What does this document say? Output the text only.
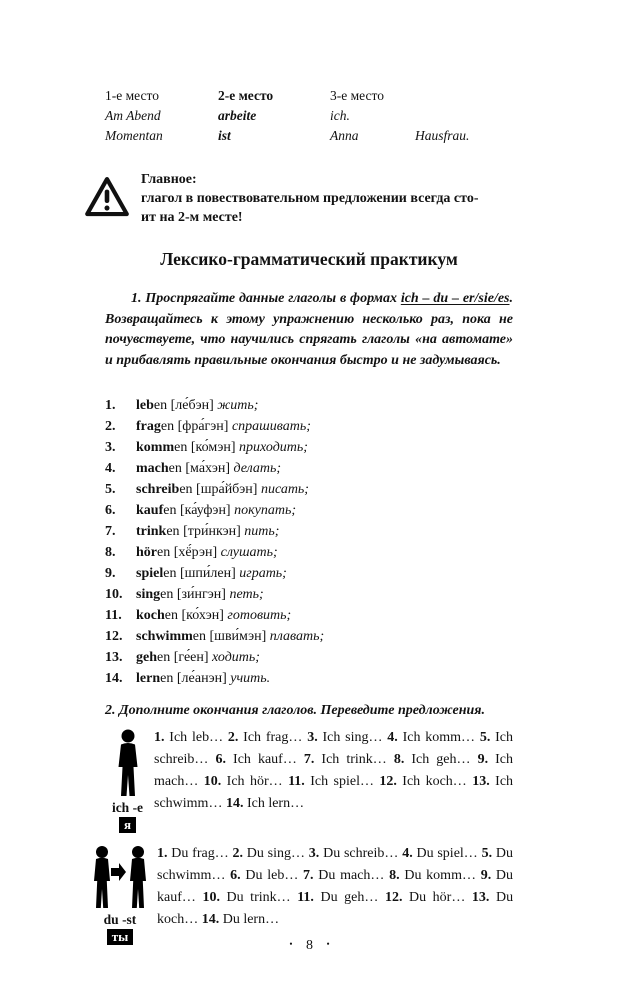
1-е место	2-е место	3-е место
Am Abend	arbeite	ich.
Momentan	ist	Anna	Hausfrau.
Главное:
глагол в повествовательном предложении всегда сто-
ит на 2-м месте!
Лексико-грамматический практикум

1. Проспрягайте данные глаголы в формах ich – du – er/sie/es. Возвращайтесь к этому упражнению несколько раз, пока не почувствуете, что научились спрягать глаголы «на автомате» и прибавлять правильные окончания быстро и не задумываясь.

1.	leben [ле́бэн] жить;
2.	fragen [фра́гэн] спрашивать;
3.	kommen [ко́мэн] приходить;
4.	machen [ма́хэн] делать;
5.	schreiben [шра́йбэн] писать;
6.	kaufen [ка́уфэн] покупать;
7.	trinken [три́нкэн] пить;
8.	hören [хё́рэн] слушать;
9.	spielen [шпи́лен] играть;
10. singen [зи́нгэн] петь;
11.	kochen [ко́хэн] готовить;
12. schwimmen [шви́мэн] плавать;
13. gehen [ге́ен] ходить;
14. lernen [ле́анэн] учить.

2. Дополните окончания глаголов. Переведите предложения.

ich -e
я
1. Ich leb… 2. Ich frag… 3. Ich sing… 4. Ich komm… 5. Ich schreib… 6. Ich kauf… 7. Ich trink… 8. Ich geh… 9. Ich mach… 10. Ich hör… 11. Ich spiel… 12. Ich koch… 13. Ich schwimm… 14. Ich lern…
du -st
ты
1. Du frag… 2. Du sing… 3. Du schreib… 4. Du spiel… 5. Du schwimm… 6. Du leb… 7. Du mach… 8. Du komm… 9. Du kauf… 10. Du trink… 11. Du geh… 12. Du hör… 13. Du koch… 14. Du lern…
• 8 •
